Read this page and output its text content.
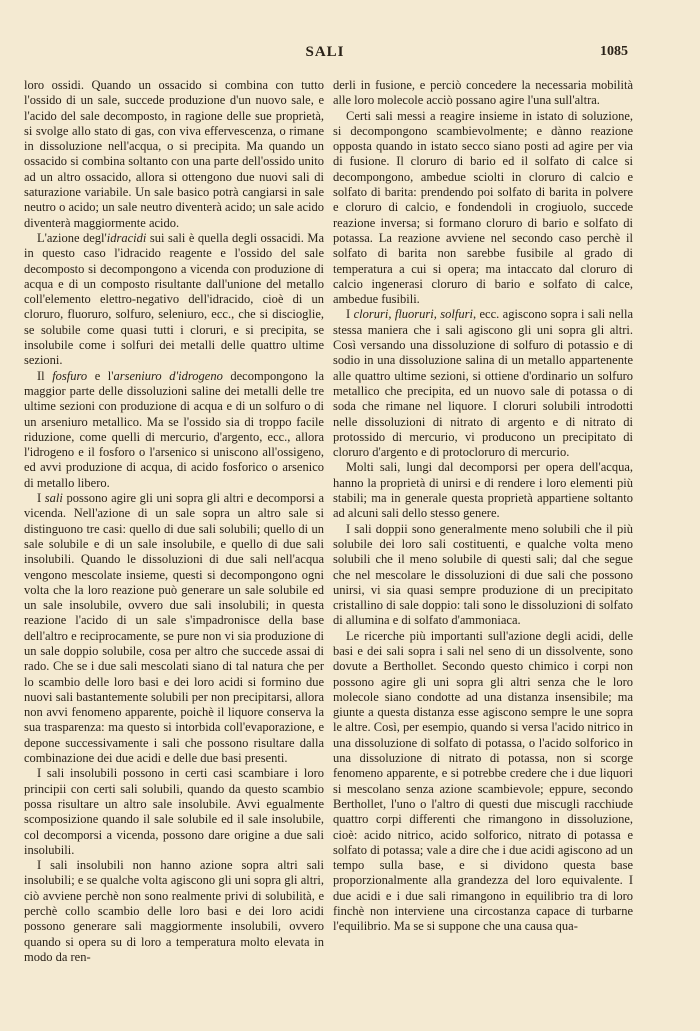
SALI	1085

loro ossidi. Quando un ossacido si combina con tutto l'ossido di un sale, succede produzione d'un nuovo sale, e l'acido del sale decomposto, in ragione delle sue proprietà, si svolge allo stato di gas, con viva effervescenza, o rimane in dissoluzione nell'acqua, o si precipita. Ma quando un ossacido si combina soltanto con una parte dell'ossido unito ad un altro ossacido, allora si ottengono due nuovi sali di saturazione variabile. Un sale basico potrà cangiarsi in sale neutro o acido; un sale neutro diventerà acido; un sale acido diventerà maggiormente acido.

L'azione degl'idracidi sui sali è quella degli ossacidi. Ma in questo caso l'idracido reagente e l'ossido del sale decomposto si decompongono a vicenda con produzione di acqua e di un composto risultante dall'unione del metallo coll'elemento elettro-negativo dell'idracido, cioè di un cloruro, fluoruro, solfuro, seleniuro, ecc., che si discioglie, se solubile come quasi tutti i cloruri, e si precipita, se insolubile come i solfuri dei metalli delle quattro ultime sezioni.

Il fosfuro e l'arseniuro d'idrogeno decompongono la maggior parte delle dissoluzioni saline dei metalli delle tre ultime sezioni con produzione di acqua e di un solfuro o di un arseniuro metallico. Ma se l'ossido sia di troppo facile riduzione, come quelli di mercurio, d'argento, ecc., allora l'idrogeno e il fosforo o l'arsenico si uniscono all'ossigeno, ed avvi produzione di acqua, di acido fosforico o arsenico di metallo libero.

I sali possono agire gli uni sopra gli altri e decomporsi a vicenda. Nell'azione di un sale sopra un altro sale si distinguono tre casi: quello di due sali solubili; quello di un sale solubile e di un sale insolubile, e quello di due sali insolubili. Quando le dissoluzioni di due sali nell'acqua vengono mescolate insieme, questi si decompongono ogni volta che la loro reazione può generare un sale solubile ed un sale insolubile, ovvero due sali insolubili; in questa reazione l'acido di un sale s'impadronisce della base dell'altro e reciprocamente, se pure non vi sia produzione di un sale doppio solubile, cosa per altro che succede assai di rado. Che se i due sali mescolati siano di tal natura che per lo scambio delle loro basi e dei loro acidi si formino due nuovi sali bastantemente solubili per non precipitarsi, allora non avvi fenomeno apparente, poichè il liquore conserva la sua trasparenza: ma questo si intorbida coll'evaporazione, e depone successivamente i sali che possono risultare dalla combinazione dei due acidi e delle due basi presenti.

I sali insolubili possono in certi casi scambiare i loro principii con certi sali solubili, quando da questo scambio possa risultare un altro sale insolubile. Avvi egualmente scomposizione quando il sale solubile ed il sale insolubile, col decomporsi a vicenda, possono dare origine a due sali insolubili.

I sali insolubili non hanno azione sopra altri sali insolubili; e se qualche volta agiscono gli uni sopra gli altri, ciò avviene perchè non sono realmente privi di solubilità, e perchè collo scambio delle loro basi e dei loro acidi possono generare sali maggiormente insolubili, ovvero quando si opera su di loro a temperatura molto elevata in modo da ren-

derli in fusione, e perciò concedere la necessaria mobilità alle loro molecole acciò possano agire l'una sull'altra.

Certi sali messi a reagire insieme in istato di soluzione, si decompongono scambievolmente; e dànno reazione opposta quando in istato secco siano posti ad agire per via di fusione. Il cloruro di bario ed il solfato di calce si decompongono, ambedue sciolti in cloruro di calcio e solfato di barita: prendendo poi solfato di barita in polvere e cloruro di calcio, e fondendoli in crogiuolo, succede reazione inversa; si formano cloruro di bario e solfato di potassa. La reazione avviene nel secondo caso perchè il solfato di barita non sarebbe fusibile al grado di temperatura a cui si opera; ma intaccato dal cloruro di calcio ingenerasi cloruro di bario e solfato di calce, ambedue fusibili.

I cloruri, fluoruri, solfuri, ecc. agiscono sopra i sali nella stessa maniera che i sali agiscono gli uni sopra gli altri. Così versando una dissoluzione di solfuro di potassio e di sodio in una dissoluzione salina di un metallo appartenente alle quattro ultime sezioni, si ottiene d'ordinario un solfuro metallico che precipita, ed un nuovo sale di potassa o di soda che rimane nel liquore. I cloruri solubili introdotti nelle dissoluzioni di nitrato di argento e di nitrato di protossido di mercurio, vi producono un precipitato di cloruro d'argento e di protocloruro di mercurio.

Molti sali, lungi dal decomporsi per opera dell'acqua, hanno la proprietà di unirsi e di rendere i loro elementi più stabili; ma in generale questa proprietà appartiene soltanto ad alcuni sali dello stesso genere.

I sali doppii sono generalmente meno solubili che il più solubile dei loro sali costituenti, e qualche volta meno solubili che il meno solubile di questi sali; dal che segue che nel mescolare le dissoluzioni di due sali che possono unirsi, vi sia quasi sempre produzione di un precipitato cristallino di sale doppio: tali sono le dissoluzioni di solfato di allumina e di solfato d'ammoniaca.

Le ricerche più importanti sull'azione degli acidi, delle basi e dei sali sopra i sali nel seno di un dissolvente, sono dovute a Berthollet. Secondo questo chimico i corpi non possono agire gli uni sopra gli altri senza che le loro molecole siano condotte ad una distanza insensibile; ma giunte a questa distanza esse agiscono sempre le une sopra le altre. Così, per esempio, quando si versa l'acido nitrico in una dissoluzione di solfato di potassa, o l'acido solforico in una dissoluzione di nitrato di potassa, non si scorge fenomeno apparente, e si potrebbe credere che i due liquori si mescolano senza azione scambievole; eppure, secondo Berthollet, l'uno o l'altro di questi due miscugli racchiude quattro corpi differenti che rimangono in dissoluzione, cioè: acido nitrico, acido solforico, nitrato di potassa e solfato di potassa; vale a dire che i due acidi agiscono ad un tempo sulla base, e si dividono questa base proporzionalmente alla grandezza del loro equivalente. I due acidi e i due sali rimangono in equilibrio tra di loro finchè non interviene una circostanza capace di turbarne l'equilibrio. Ma se si suppone che una causa qua-
